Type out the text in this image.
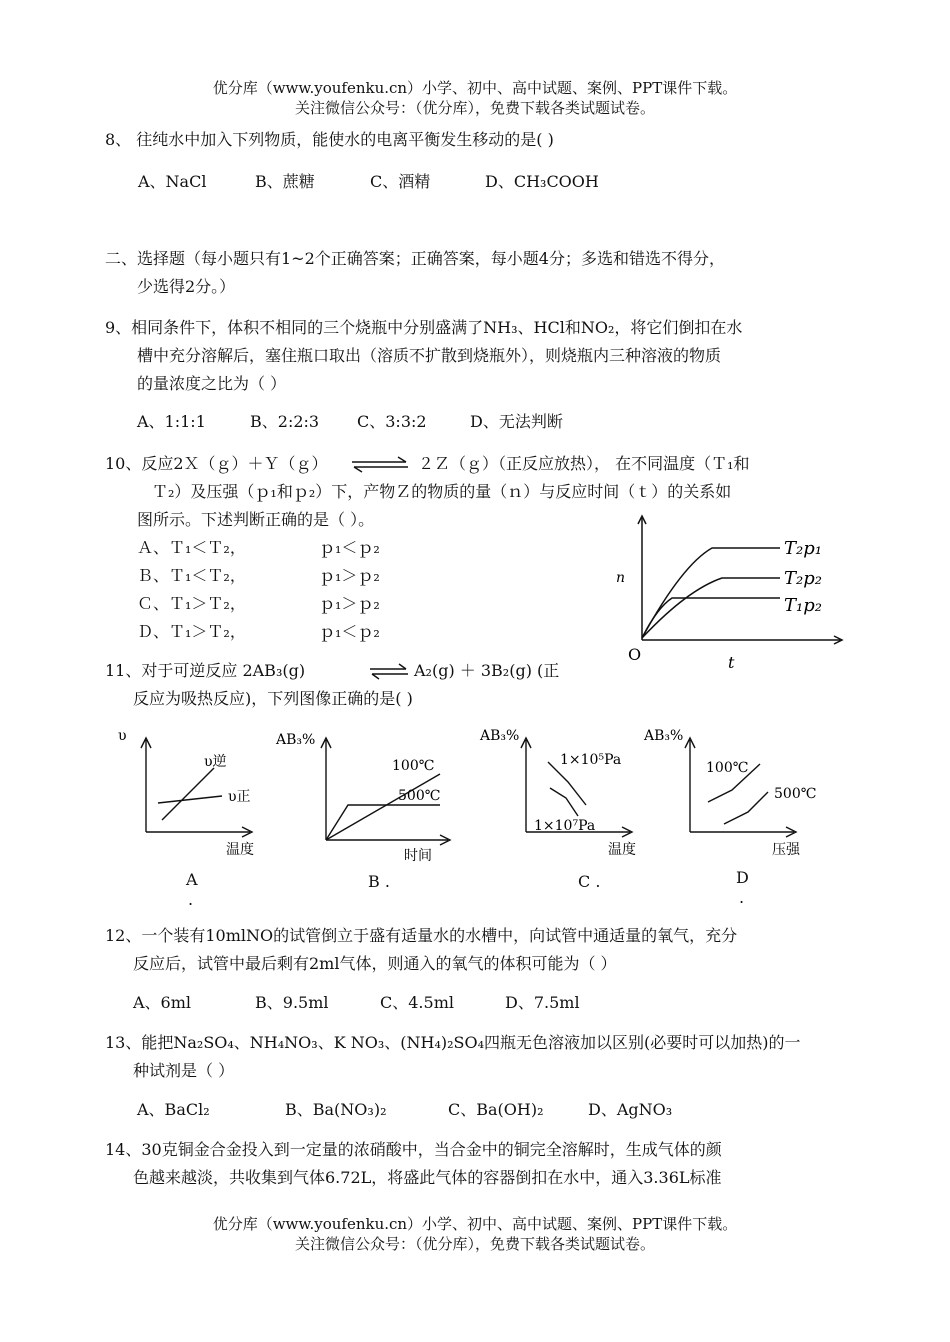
优分库（www.youfenku.cn）小学、初中、高中试题、案例、PPT课件下载。
关注微信公众号：（优分库），免费下载各类试题试卷。
8、 往纯水中加入下列物质，能使水的电离平衡发生移动的是( )
A、NaCl	B、蔗糖	C、酒精	D、CH₃COOH
二、选择题（每小题只有1~2个正确答案；正确答案，每小题4分；多选和错选不得分，
少选得2分。）
9、相同条件下，体积不相同的三个烧瓶中分别盛满了NH₃、HCl和NO₂，将它们倒扣在水
槽中充分溶解后，塞住瓶口取出（溶质不扩散到烧瓶外），则烧瓶内三种溶液的物质
的量浓度之比为（ ）
A、1:1:1	B、2:2:3 C、3:3:2	D、无法判断
10、反应2Ｘ（ｇ）＋Ｙ（ｇ） ⇌ ２Ｚ（ｇ）（正反应放热）， 在不同温度（Ｔ₁和
Ｔ₂）及压强（ｐ₁和ｐ₂）下，产物Ｚ的物质的量（ｎ）与反应时间（ｔ）的关系如
图所示。下述判断正确的是（ ）。
Ａ、Ｔ₁＜Ｔ₂，	ｐ₁＜ｐ₂
Ｂ、Ｔ₁＜Ｔ₂，	ｐ₁＞ｐ₂
Ｃ、Ｔ₁＞Ｔ₂，	ｐ₁＞ｐ₂
Ｄ、Ｔ₁＞Ｔ₂，	ｐ₁＜ｐ₂
n
O	t
T₂p₁
T₂p₂
T₁p₂
11、对于可逆反应 2AB₃(g)	⇌ A₂(g) ＋ 3B₂(g) (正
反应为吸热反应)，下列图像正确的是( )
υ
υ逆
υ正
温度
A
.
AB₃%
100℃
500℃
时间
B .
AB₃%
1×10⁵Pa
1×10⁷Pa
温度
C .
AB₃%
100℃
500℃
压强
D
.
12、一个装有10mlNO的试管倒立于盛有适量水的水槽中，向试管中通适量的氧气，充分
反应后，试管中最后剩有2ml气体，则通入的氧气的体积可能为（ ）
A、6ml	B、9.5ml	C、4.5ml	D、7.5ml
13、能把Na₂SO₄、NH₄NO₃、K NO₃、(NH₄)₂SO₄四瓶无色溶液加以区别(必要时可以加热)的一
种试剂是（ ）
A、BaCl₂	B、Ba(NO₃)₂	C、Ba(OH)₂	D、AgNO₃
14、30克铜金合金投入到一定量的浓硝酸中，当合金中的铜完全溶解时，生成气体的颜
色越来越淡，共收集到气体6.72L，将盛此气体的容器倒扣在水中，通入3.36L标准
优分库（www.youfenku.cn）小学、初中、高中试题、案例、PPT课件下载。
关注微信公众号：（优分库），免费下载各类试题试卷。
